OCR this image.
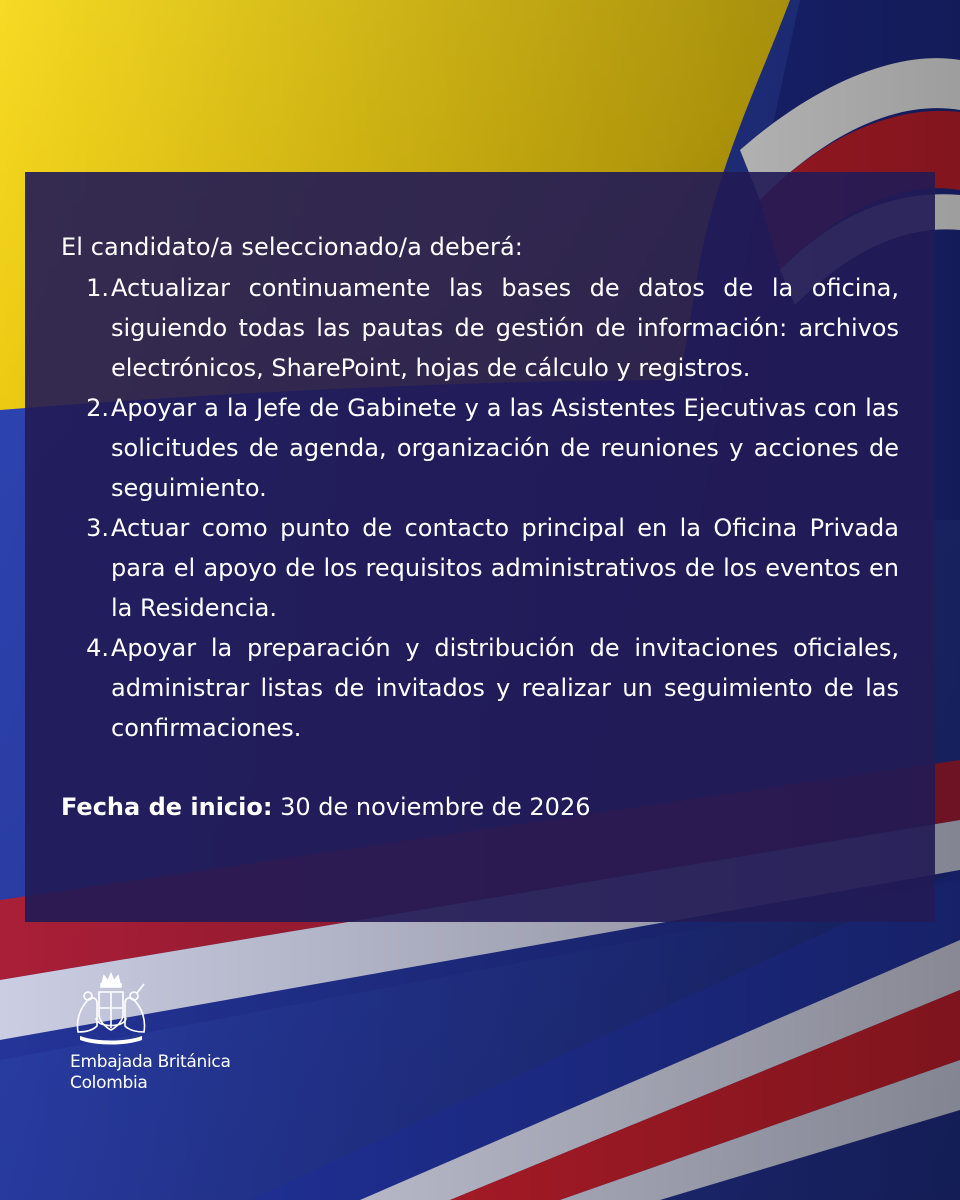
El candidato/a seleccionado/a deberá:

1. Actualizar continuamente las bases de datos de la oficina, siguiendo todas las pautas de gestión de información: archivos electrónicos, SharePoint, hojas de cálculo y registros.
2. Apoyar a la Jefe de Gabinete y a las Asistentes Ejecutivas con las solicitudes de agenda, organización de reuniones y acciones de seguimiento.
3. Actuar como punto de contacto principal en la Oficina Privada para el apoyo de los requisitos administrativos de los eventos en la Residencia.
4. Apoyar la preparación y distribución de invitaciones oficiales, administrar listas de invitados y realizar un seguimiento de las confirmaciones.
Fecha de inicio: 30 de noviembre de 2026
Embajada Británica
Colombia
